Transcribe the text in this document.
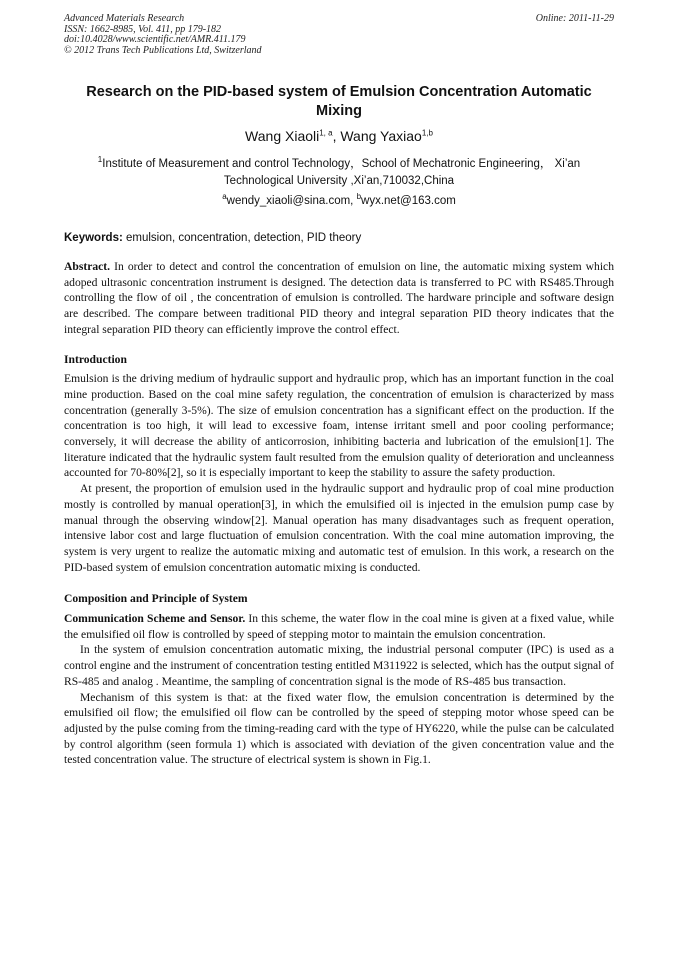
Advanced Materials Research
ISSN: 1662-8985, Vol. 411, pp 179-182
doi:10.4028/www.scientific.net/AMR.411.179
© 2012 Trans Tech Publications Ltd, Switzerland
Online: 2011-11-29
Research on the PID-based system of Emulsion Concentration Automatic Mixing
Wang Xiaoli$^{1, a}$, Wang Yaxiao$^{1,b}$
$^1$Institute of Measurement and control Technology，School of Mechatronic Engineering， Xi’an Technological University ,Xi’an,710032,China
$^a$wendy_xiaoli@sina.com, $^b$wyx.net@163.com
Keywords: emulsion, concentration, detection, PID theory

Abstract. In order to detect and control the concentration of emulsion on line, the automatic mixing system which adoped ultrasonic concentration instrument is designed. The detection data is transferred to PC with RS485.Through controlling the flow of oil , the concentration of emulsion is controlled. The hardware principle and software design are described. The compare between traditional PID theory and integral separation PID theory indicates that the integral separation PID theory can efficiently improve the control effect.

Introduction

Emulsion is the driving medium of hydraulic support and hydraulic prop, which has an important function in the coal mine production. Based on the coal mine safety regulation, the concentration of emulsion is characterized by mass concentration (generally 3-5%). The size of emulsion concentration has a significant effect on the production. If the concentration is too high, it will lead to excessive foam, intense irritant smell and poor cooling performance; conversely, it will decrease the ability of anticorrosion, inhibiting bacteria and lubrication of the emulsion[1]. The literature indicated that the hydraulic system fault resulted from the emulsion quality of deterioration and uncleanness accounted for 70-80%[2], so it is especially important to keep the stability to assure the safety production.

At present, the proportion of emulsion used in the hydraulic support and hydraulic prop of coal mine production mostly is controlled by manual operation[3], in which the emulsified oil is injected in the emulsion pump case by manual through the observing window[2]. Manual operation has many disadvantages such as frequent operation, intensive labor cost and large fluctuation of emulsion concentration. With the coal mine automation improving, the system is very urgent to realize the automatic mixing and automatic test of emulsion. In this work, a research on the PID-based system of emulsion concentration automatic mixing is conducted.

Composition and Principle of System

Communication Scheme and Sensor. In this scheme, the water flow in the coal mine is given at a fixed value, while the emulsified oil flow is controlled by speed of stepping motor to maintain the emulsion concentration.

In the system of emulsion concentration automatic mixing, the industrial personal computer (IPC) is used as a control engine and the instrument of concentration testing entitled M311922 is selected, which has the output signal of RS-485 and analog . Meantime, the sampling of concentration signal is the mode of RS-485 bus transaction.

Mechanism of this system is that: at the fixed water flow, the emulsion concentration is determined by the emulsified oil flow; the emulsified oil flow can be controlled by the speed of stepping motor whose speed can be adjusted by the pulse coming from the timing-reading card with the type of HY6220, while the pulse can be calculated by control algorithm (seen formula 1) which is associated with deviation of the given concentration value and the tested concentration value. The structure of electrical system is shown in Fig.1.
